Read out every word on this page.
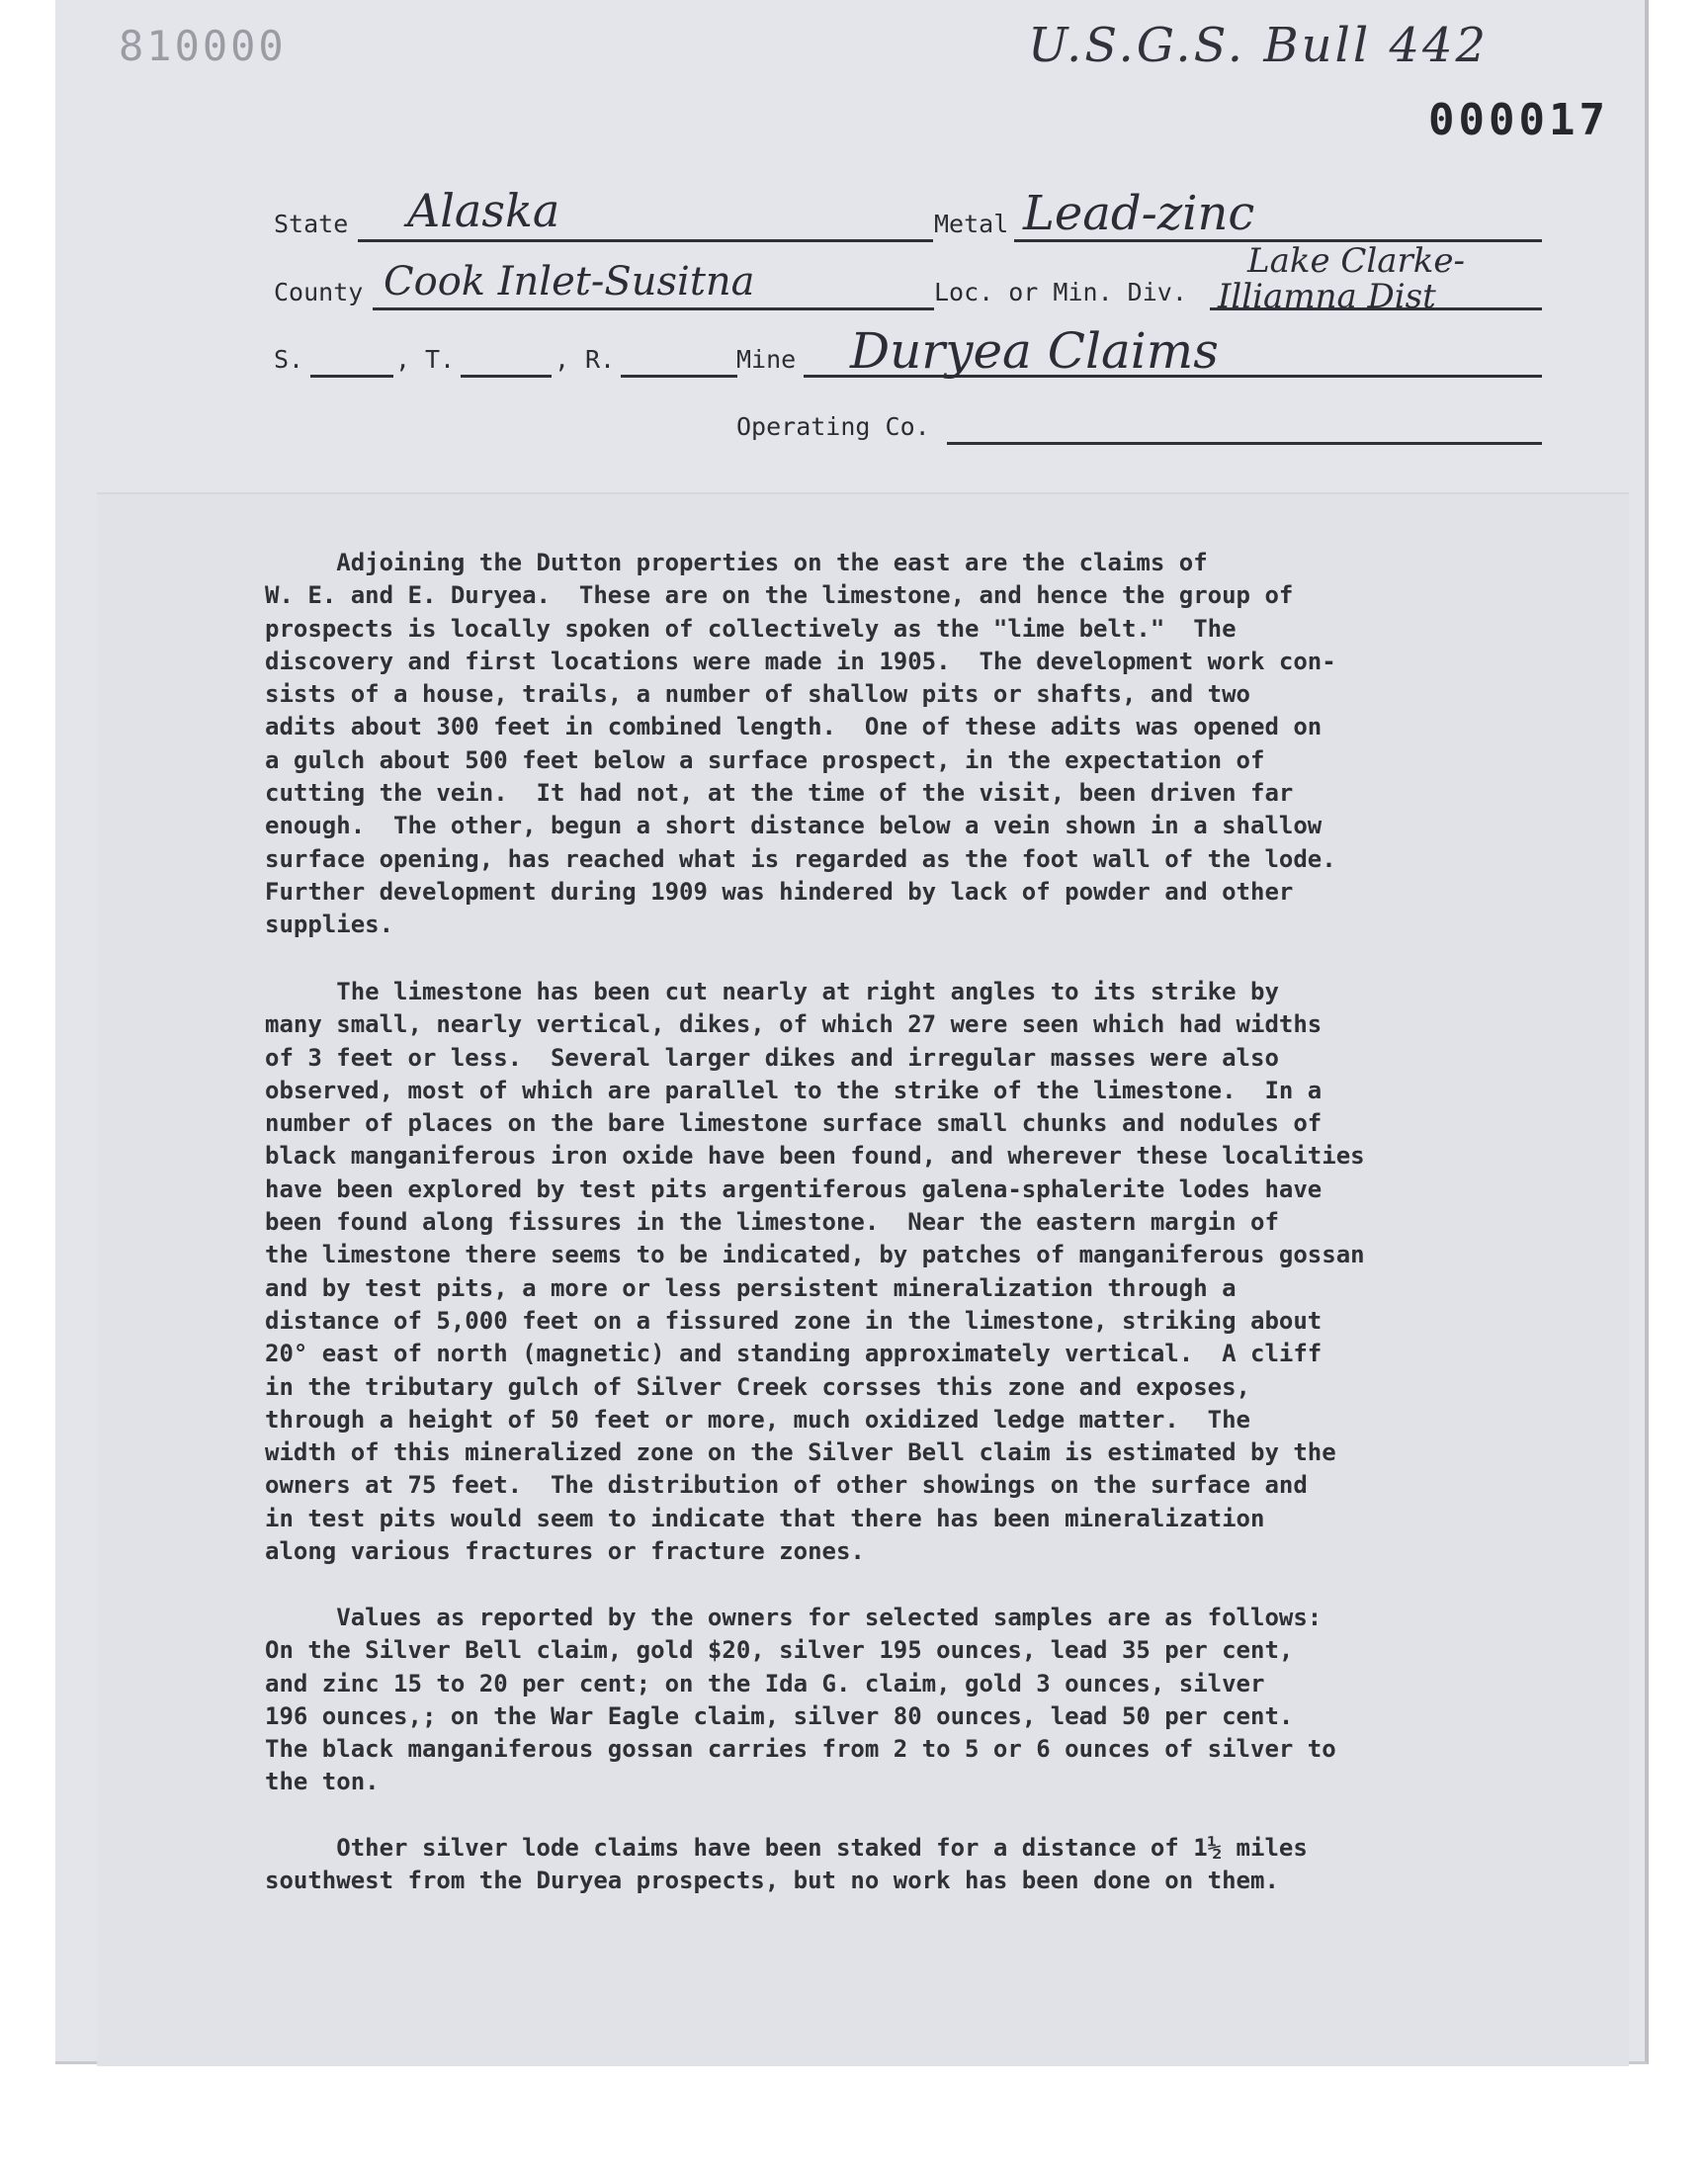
810000	U.S.G.S. Bull 442
000017
State Alaska	Metal Lead-zinc
County Cook Inlet-Susitna	Loc. or Min. Div.
Lake Clarke-
Illiamna Dist
S.	, T.	, R.	Mine Duryea Claims
Operating Co.
Adjoining the Dutton properties on the east are the claims of
W. E. and E. Duryea.  These are on the limestone, and hence the group of
prospects is locally spoken of collectively as the "lime belt."  The
discovery and first locations were made in 1905.  The development work con-
sists of a house, trails, a number of shallow pits or shafts, and two
adits about 300 feet in combined length.  One of these adits was opened on
a gulch about 500 feet below a surface prospect, in the expectation of
cutting the vein.  It had not, at the time of the visit, been driven far
enough.  The other, begun a short distance below a vein shown in a shallow
surface opening, has reached what is regarded as the foot wall of the lode.
Further development during 1909 was hindered by lack of powder and other
supplies.
The limestone has been cut nearly at right angles to its strike by
many small, nearly vertical, dikes, of which 27 were seen which had widths
of 3 feet or less.  Several larger dikes and irregular masses were also
observed, most of which are parallel to the strike of the limestone.  In a
number of places on the bare limestone surface small chunks and nodules of
black manganiferous iron oxide have been found, and wherever these localities
have been explored by test pits argentiferous galena-sphalerite lodes have
been found along fissures in the limestone.  Near the eastern margin of
the limestone there seems to be indicated, by patches of manganiferous gossan
and by test pits, a more or less persistent mineralization through a
distance of 5,000 feet on a fissured zone in the limestone, striking about
20° east of north (magnetic) and standing approximately vertical.  A cliff
in the tributary gulch of Silver Creek corsses this zone and exposes,
through a height of 50 feet or more, much oxidized ledge matter.  The
width of this mineralized zone on the Silver Bell claim is estimated by the
owners at 75 feet.  The distribution of other showings on the surface and
in test pits would seem to indicate that there has been mineralization
along various fractures or fracture zones.
Values as reported by the owners for selected samples are as follows:
On the Silver Bell claim, gold $20, silver 195 ounces, lead 35 per cent,
and zinc 15 to 20 per cent; on the Ida G. claim, gold 3 ounces, silver
196 ounces,; on the War Eagle claim, silver 80 ounces, lead 50 per cent.
The black manganiferous gossan carries from 2 to 5 or 6 ounces of silver to
the ton.
Other silver lode claims have been staked for a distance of 1½ miles
southwest from the Duryea prospects, but no work has been done on them.
